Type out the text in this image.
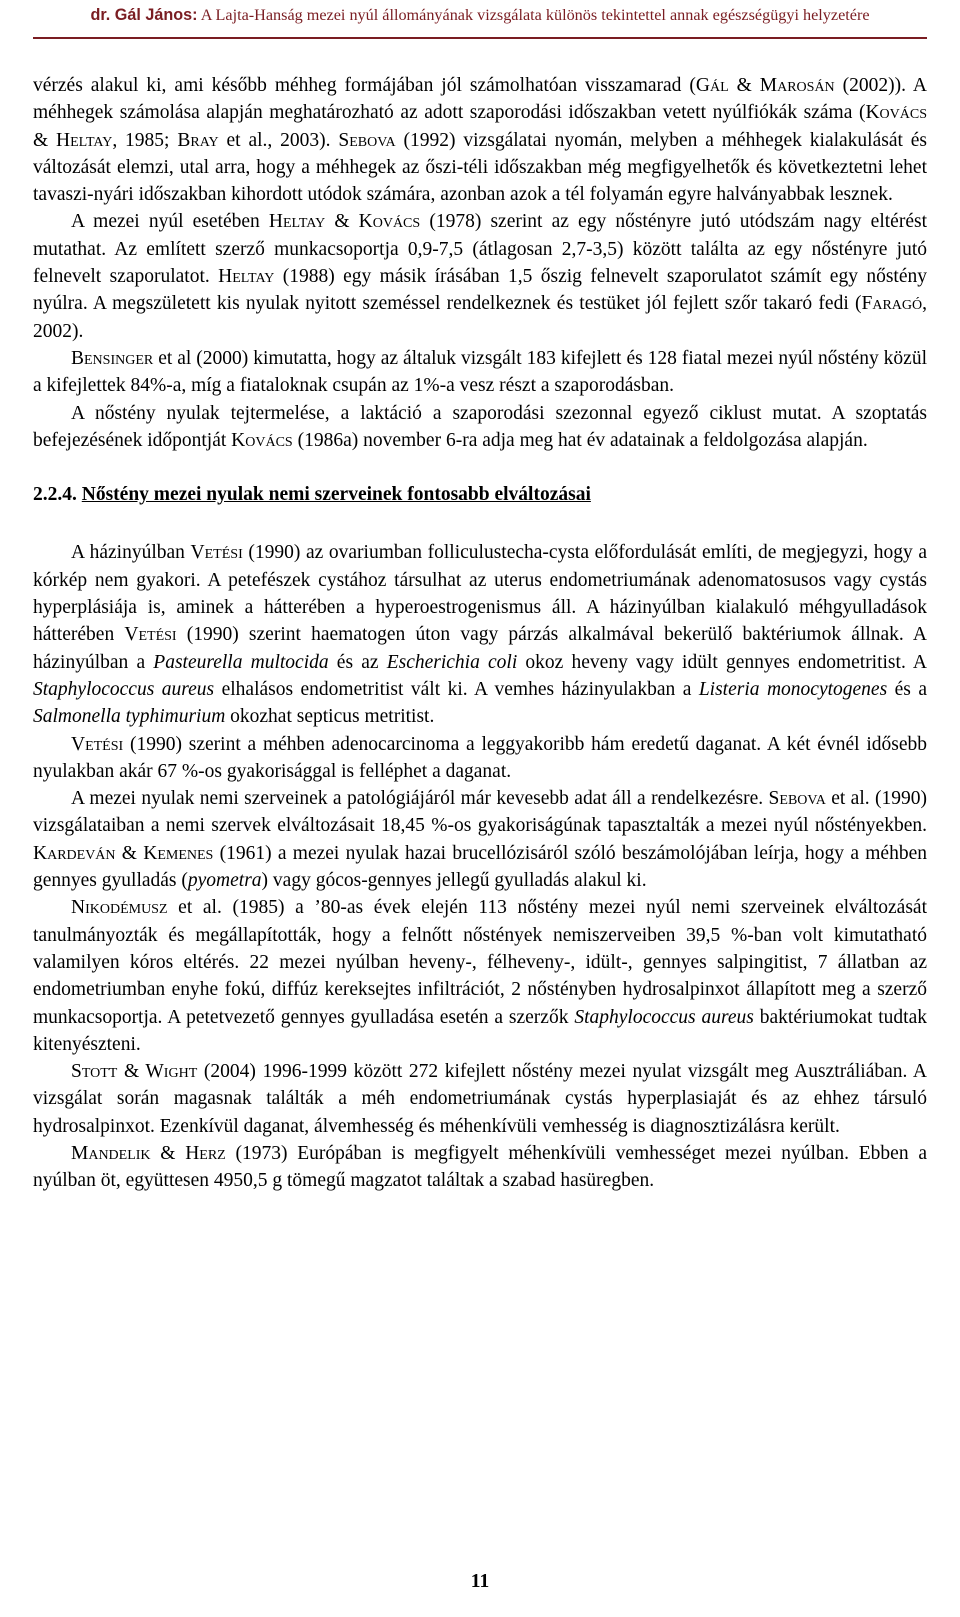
dr. Gál János: A Lajta-Hanság mezei nyúl állományának vizsgálata különös tekintettel annak egészségügyi helyzetére

vérzés alakul ki, ami később méhheg formájában jól számolhatóan visszamarad (Gál & Marosán (2002)). A méhhegek számolása alapján meghatározható az adott szaporodási időszakban vetett nyúlfiókák száma (Kovács & Heltay, 1985; Bray et al., 2003). Sebova (1992) vizsgálatai nyomán, melyben a méhhegek kialakulását és változását elemzi, utal arra, hogy a méhhegek az őszi-téli időszakban még megfigyelhetők és következtetni lehet tavaszi-nyári időszakban kihordott utódok számára, azonban azok a tél folyamán egyre halványabbak lesznek.

A mezei nyúl esetében Heltay & Kovács (1978) szerint az egy nőstényre jutó utódszám nagy eltérést mutathat. Az említett szerző munkacsoportja 0,9-7,5 (átlagosan 2,7-3,5) között találta az egy nőstényre jutó felnevelt szaporulatot. Heltay (1988) egy másik írásában 1,5 őszig felnevelt szaporulatot számít egy nőstény nyúlra. A megszületett kis nyulak nyitott szeméssel rendelkeznek és testüket jól fejlett szőr takaró fedi (Faragó, 2002).

Bensinger et al (2000) kimutatta, hogy az általuk vizsgált 183 kifejlett és 128 fiatal mezei nyúl nőstény közül a kifejlettek 84%-a, míg a fiataloknak csupán az 1%-a vesz részt a szaporodásban.

A nőstény nyulak tejtermelése, a laktáció a szaporodási szezonnal egyező ciklust mutat. A szoptatás befejezésének időpontját Kovács (1986a) november 6-ra adja meg hat év adatainak a feldolgozása alapján.

2.2.4. Nőstény mezei nyulak nemi szerveinek fontosabb elváltozásai

A házinyúlban Vetési (1990) az ovariumban folliculustecha-cysta előfordulását említi, de megjegyzi, hogy a kórkép nem gyakori. A petefészek cystához társulhat az uterus endometriumának adenomatosusos vagy cystás hyperplásiája is, aminek a hátterében a hyperoestrogenismus áll. A házinyúlban kialakuló méhgyulladások hátterében Vetési (1990) szerint haematogen úton vagy párzás alkalmával bekerülő baktériumok állnak. A házinyúlban a Pasteurella multocida és az Escherichia coli okoz heveny vagy idült gennyes endometritist. A Staphylococcus aureus elhalásos endometritist vált ki. A vemhes házinyulakban a Listeria monocytogenes és a Salmonella typhimurium okozhat septicus metritist.

Vetési (1990) szerint a méhben adenocarcinoma a leggyakoribb hám eredetű daganat. A két évnél idősebb nyulakban akár 67 %-os gyakorisággal is felléphet a daganat.

A mezei nyulak nemi szerveinek a patológiájáról már kevesebb adat áll a rendelkezésre. Sebova et al. (1990) vizsgálataiban a nemi szervek elváltozásait 18,45 %-os gyakoriságúnak tapasztalták a mezei nyúl nőstényekben. Kardeván & Kemenes (1961) a mezei nyulak hazai brucellózisáról szóló beszámolójában leírja, hogy a méhben gennyes gyulladás (pyometra) vagy gócos-gennyes jellegű gyulladás alakul ki.

Nikodémusz et al. (1985) a ’80-as évek elején 113 nőstény mezei nyúl nemi szerveinek elváltozását tanulmányozták és megállapították, hogy a felnőtt nőstények nemiszerveiben 39,5 %-ban volt kimutatható valamilyen kóros eltérés. 22 mezei nyúlban heveny-, félheveny-, idült-, gennyes salpingitist, 7 állatban az endometriumban enyhe fokú, diffúz kereksejtes infiltrációt, 2 nőstényben hydrosalpinxot állapított meg a szerző munkacsoportja. A petetvezető gennyes gyulladása esetén a szerzők Staphylococcus aureus baktériumokat tudtak kitenyészteni.

Stott & Wight (2004) 1996-1999 között 272 kifejlett nőstény mezei nyulat vizsgált meg Ausztráliában. A vizsgálat során magasnak találták a méh endometriumának cystás hyperplasiaját és az ehhez társuló hydrosalpinxot. Ezenkívül daganat, álvemhesség és méhenkívüli vemhesség is diagnosztizálásra került.

Mandelik & Herz (1973) Európában is megfigyelt méhenkívüli vemhességet mezei nyúlban. Ebben a nyúlban öt, együttesen 4950,5 g tömegű magzatot találtak a szabad hasüregben.

11
